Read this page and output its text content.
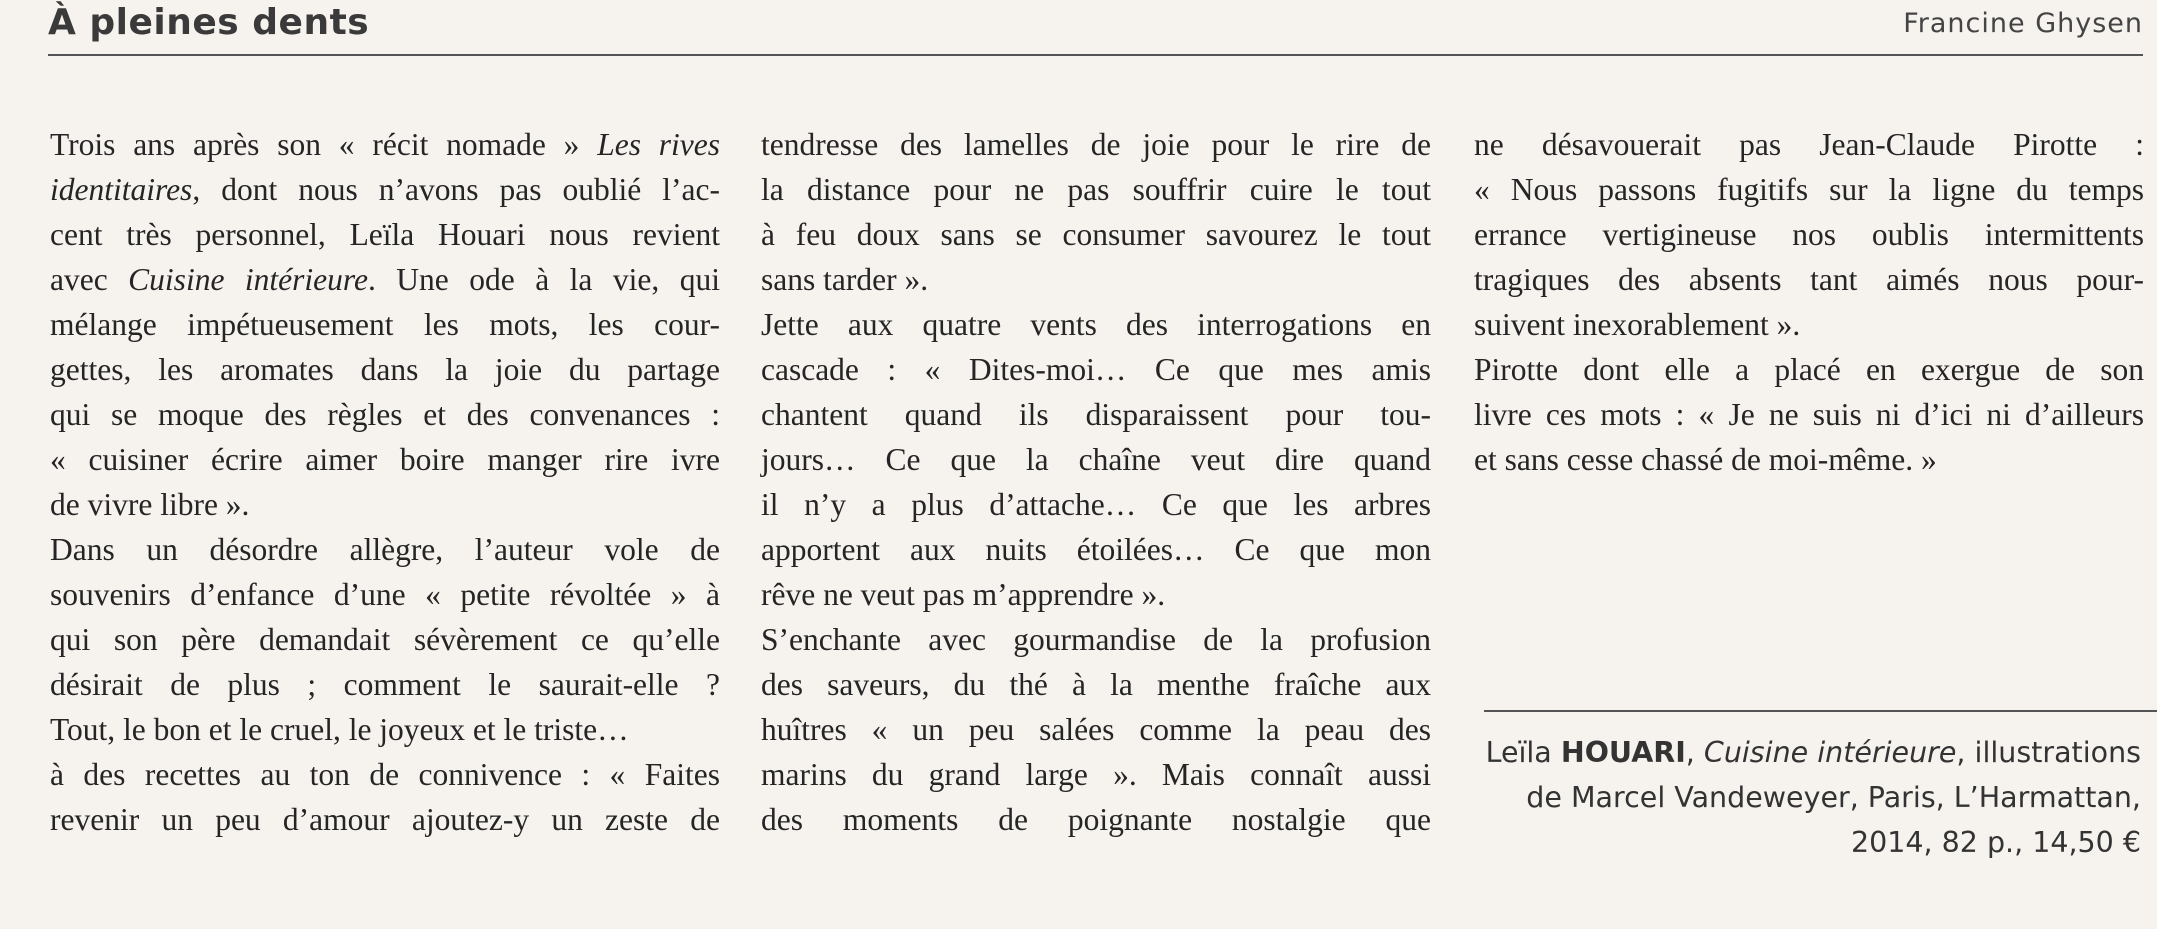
À pleines dents	Francine Ghysen
Trois ans après son « récit nomade » Les rives
identitaires, dont nous n’avons pas oublié l’ac-
cent très personnel, Leïla Houari nous revient
avec Cuisine intérieure. Une ode à la vie, qui
mélange impétueusement les mots, les cour-
gettes, les aromates dans la joie du partage
qui se moque des règles et des convenances :
« cuisiner écrire aimer boire manger rire ivre
de vivre libre ».
Dans un désordre allègre, l’auteur vole de
souvenirs d’enfance d’une « petite révoltée » à
qui son père demandait sévèrement ce qu’elle
désirait de plus ; comment le saurait-elle ?
Tout, le bon et le cruel, le joyeux et le triste…
à des recettes au ton de connivence : « Faites
revenir un peu d’amour ajoutez-y un zeste de
tendresse des lamelles de joie pour le rire de
la distance pour ne pas souffrir cuire le tout
à feu doux sans se consumer savourez le tout
sans tarder ».
Jette aux quatre vents des interrogations en
cascade : « Dites-moi… Ce que mes amis
chantent quand ils disparaissent pour tou-
jours… Ce que la chaîne veut dire quand
il n’y a plus d’attache… Ce que les arbres
apportent aux nuits étoilées… Ce que mon
rêve ne veut pas m’apprendre ».
S’enchante avec gourmandise de la profusion
des saveurs, du thé à la menthe fraîche aux
huîtres « un peu salées comme la peau des
marins du grand large ». Mais connaît aussi
des moments de poignante nostalgie que
ne désavouerait pas Jean-Claude Pirotte :
« Nous passons fugitifs sur la ligne du temps
errance vertigineuse nos oublis intermittents
tragiques des absents tant aimés nous pour-
suivent inexorablement ».
Pirotte dont elle a placé en exergue de son
livre ces mots : « Je ne suis ni d’ici ni d’ailleurs
et sans cesse chassé de moi-même. »
Leïla HOUARI, Cuisine intérieure, illustrations
de Marcel Vandeweyer, Paris, L’Harmattan,
2014, 82 p., 14,50 €
